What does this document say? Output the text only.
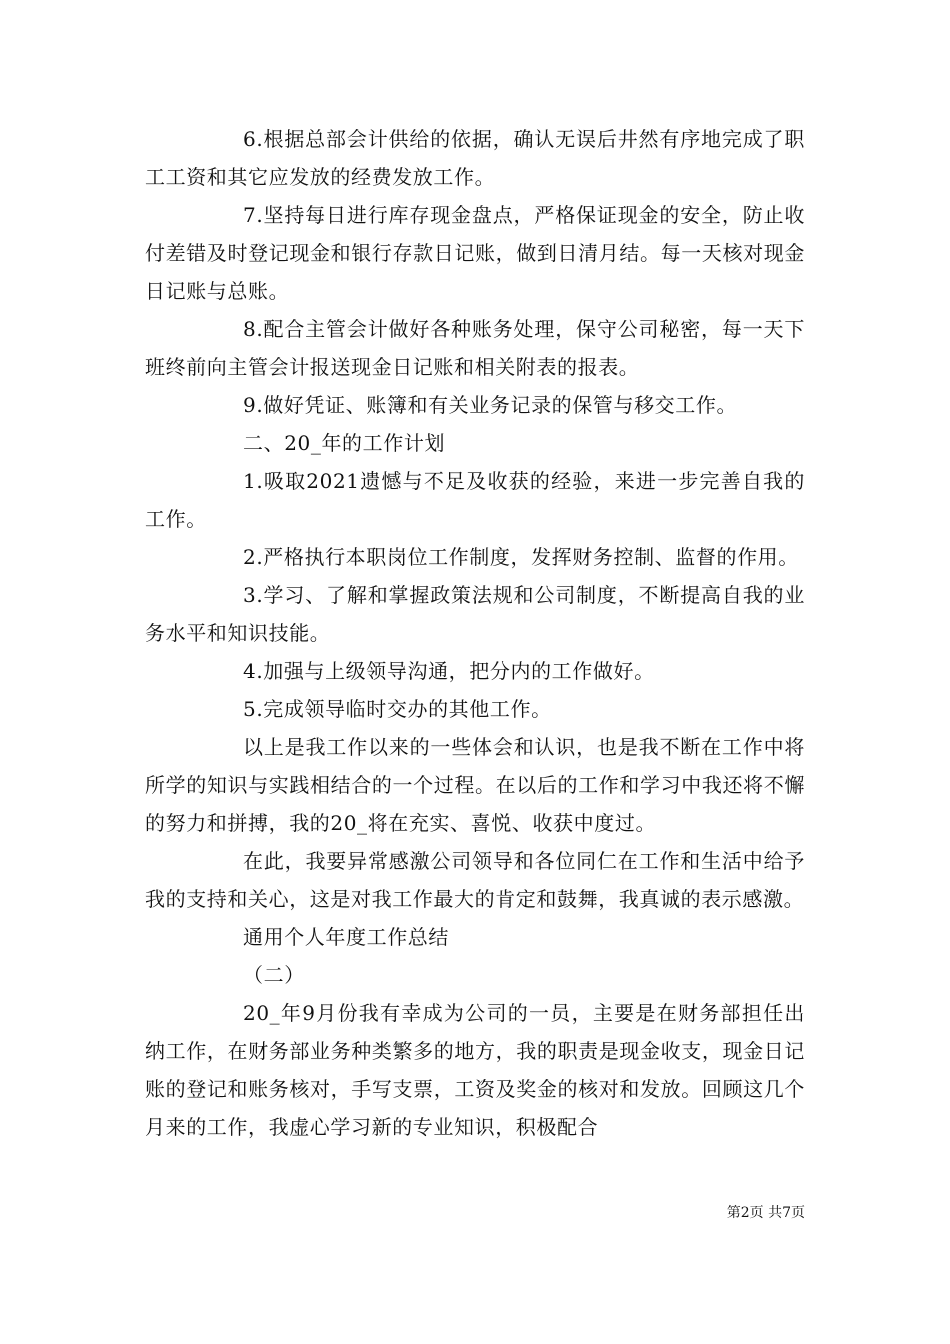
6.根据总部会计供给的依据，确认无误后井然有序地完成了职工工资和其它应发放的经费发放工作。

7.坚持每日进行库存现金盘点，严格保证现金的安全，防止收付差错及时登记现金和银行存款日记账，做到日清月结。每一天核对现金日记账与总账。

8.配合主管会计做好各种账务处理，保守公司秘密，每一天下班终前向主管会计报送现金日记账和相关附表的报表。

9.做好凭证、账簿和有关业务记录的保管与移交工作。

二、20_年的工作计划

1.吸取2021遗憾与不足及收获的经验，来进一步完善自我的工作。

2.严格执行本职岗位工作制度，发挥财务控制、监督的作用。

3.学习、了解和掌握政策法规和公司制度，不断提高自我的业务水平和知识技能。

4.加强与上级领导沟通，把分内的工作做好。

5.完成领导临时交办的其他工作。

以上是我工作以来的一些体会和认识，也是我不断在工作中将所学的知识与实践相结合的一个过程。在以后的工作和学习中我还将不懈的努力和拼搏，我的20_将在充实、喜悦、收获中度过。

在此，我要异常感激公司领导和各位同仁在工作和生活中给予我的支持和关心，这是对我工作最大的肯定和鼓舞，我真诚的表示感激。

通用个人年度工作总结

（二）

20_年9月份我有幸成为公司的一员，主要是在财务部担任出纳工作，在财务部业务种类繁多的地方，我的职责是现金收支，现金日记账的登记和账务核对，手写支票，工资及奖金的核对和发放。回顾这几个月来的工作，我虚心学习新的专业知识，积极配合

第2页 共7页
